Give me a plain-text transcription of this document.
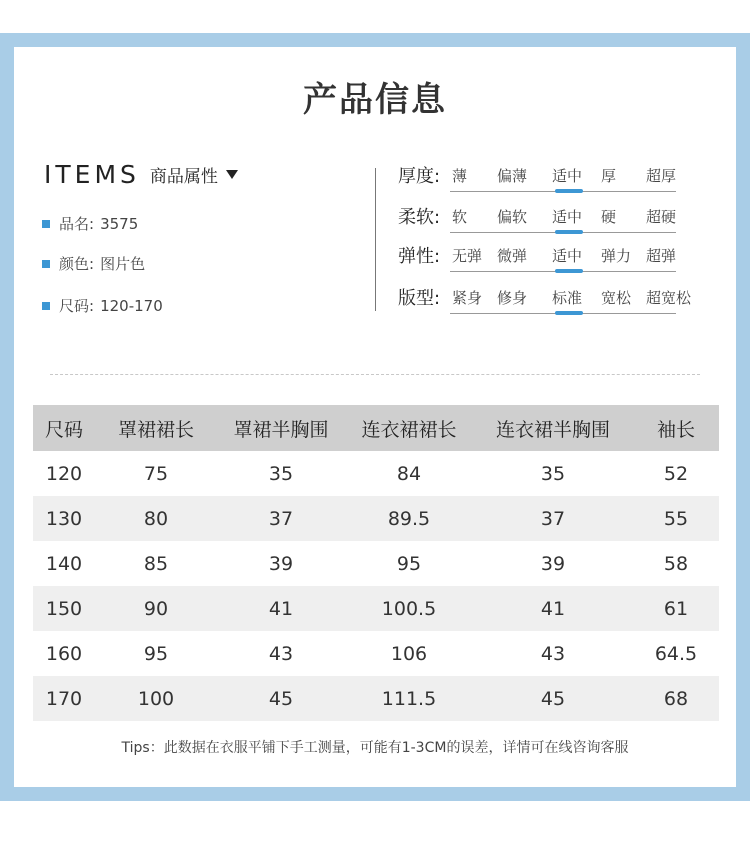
产品信息
ITEMS 商品属性
品名: 3575
颜色: 图片色
尺码: 120-170
厚度: 薄 偏薄 适中 厚 超厚
柔软: 软 偏软 适中 硬 超硬
弹性: 无弹 微弹 适中 弹力 超弹
版型: 紧身 修身 标准 宽松 超宽松
尺码	罩裙裙长	罩裙半胸围	连衣裙裙长	连衣裙半胸围	袖长
120	75	35	84	35	52
130	80	37	89.5	37	55
140	85	39	95	39	58
150	90	41	100.5	41	61
160	95	43	106	43	64.5
170	100	45	111.5	45	68
Tips：此数据在衣服平铺下手工测量，可能有1-3CM的误差，详情可在线咨询客服
